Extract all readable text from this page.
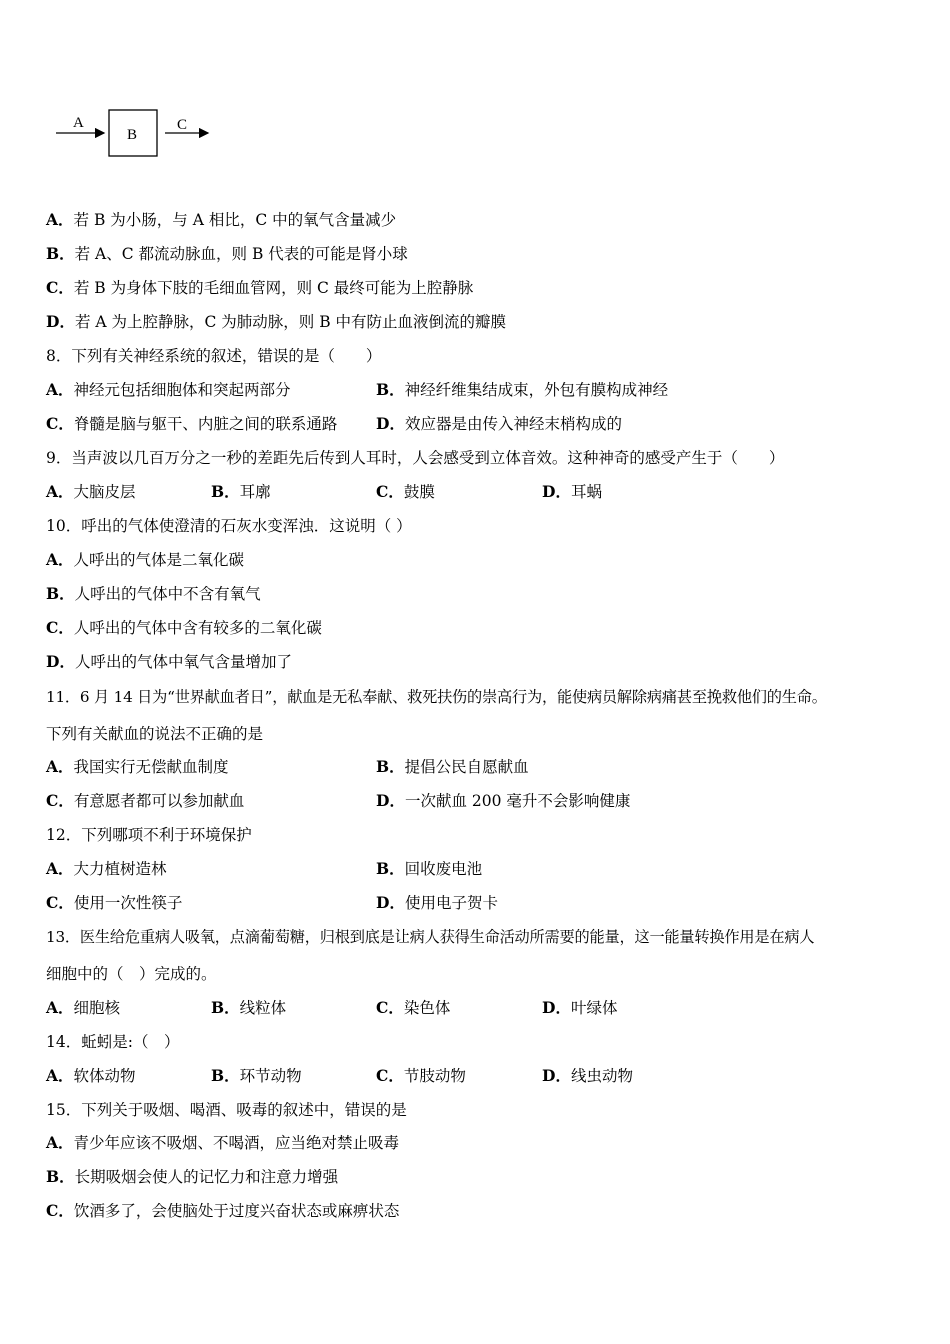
A
B
C
A．若 B 为小肠，与 A 相比，C 中的氧气含量减少
B．若 A、C 都流动脉血，则 B 代表的可能是肾小球
C．若 B 为身体下肢的毛细血管网，则 C 最终可能为上腔静脉
D．若 A 为上腔静脉，C 为肺动脉，则 B 中有防止血液倒流的瓣膜
8．下列有关神经系统的叙述，错误的是（　　）
A．神经元包括细胞体和突起两部分	B．神经纤维集结成束，外包有膜构成神经
C．脊髓是脑与躯干、内脏之间的联系通路 D．效应器是由传入神经末梢构成的
9．当声波以几百万分之一秒的差距先后传到人耳时，人会感受到立体音效。这种神奇的感受产生于（　　）
A．大脑皮层	B．耳廓	C．鼓膜	D．耳蜗
10．呼出的气体使澄清的石灰水变浑浊．这说明（ ）
A．人呼出的气体是二氧化碳
B．人呼出的气体中不含有氧气
C．人呼出的气体中含有较多的二氧化碳
D．人呼出的气体中氧气含量增加了
11．6 月 14 日为“世界献血者日”，献血是无私奉献、救死扶伤的崇高行为，能使病员解除病痛甚至挽救他们的生命。
下列有关献血的说法不正确的是
A．我国实行无偿献血制度	B．提倡公民自愿献血
C．有意愿者都可以参加献血	D．一次献血 200 毫升不会影响健康
12．下列哪项不利于环境保护
A．大力植树造林	B．回收废电池
C．使用一次性筷子	D．使用电子贺卡
13．医生给危重病人吸氧，点滴葡萄糖，归根到底是让病人获得生命活动所需要的能量，这一能量转换作用是在病人
细胞中的（　）完成的。
A．细胞核	B．线粒体	C．染色体	D．叶绿体
14．蚯蚓是:（　）
A．软体动物	B．环节动物	C．节肢动物	D．线虫动物
15．下列关于吸烟、喝酒、吸毒的叙述中，错误的是
A．青少年应该不吸烟、不喝酒，应当绝对禁止吸毒
B．长期吸烟会使人的记忆力和注意力增强
C．饮酒多了，会使脑处于过度兴奋状态或麻痹状态
